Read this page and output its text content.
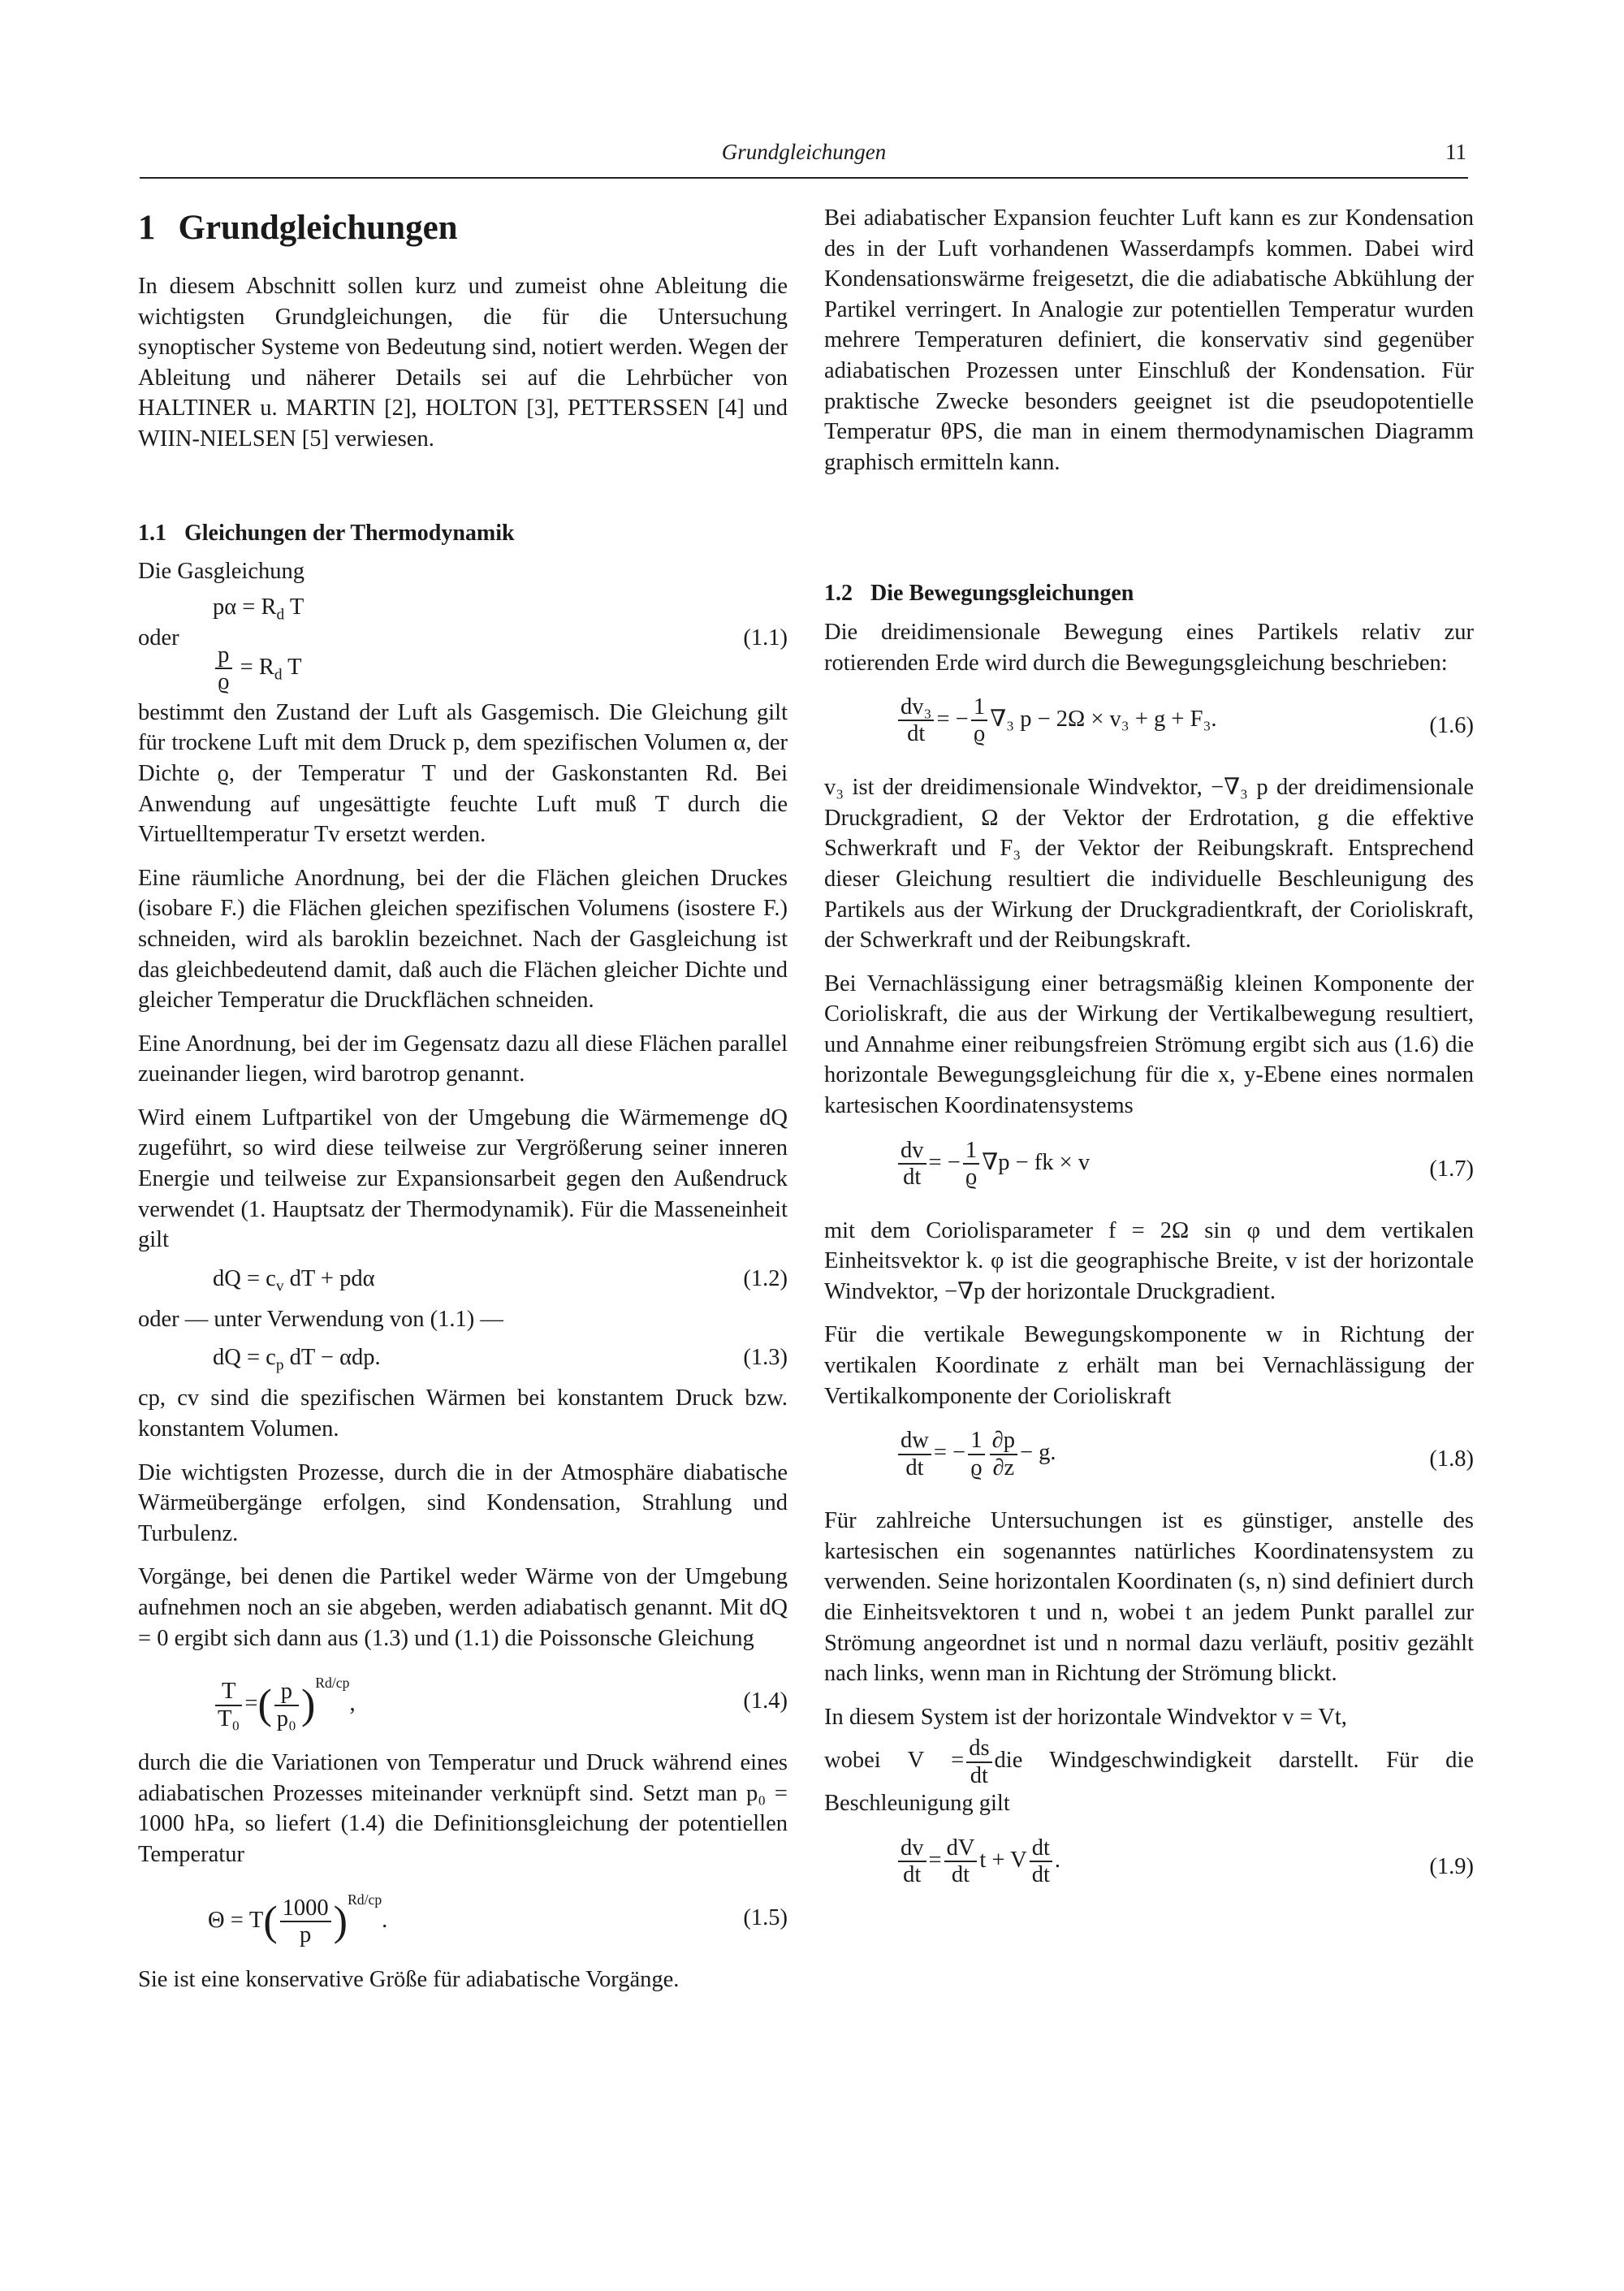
Grundgleichungen	11
1 Grundgleichungen

In diesem Abschnitt sollen kurz und zumeist ohne Ableitung die wichtigsten Grundgleichungen, die für die Untersuchung synoptischer Systeme von Bedeutung sind, notiert werden. Wegen der Ableitung und näherer Details sei auf die Lehrbücher von HALTINER u. MARTIN [2], HOLTON [3], PETTERSSEN [4] und WIIN-NIELSEN [5] verwiesen.

1.1 Gleichungen der Thermodynamik

Die Gasgleichung

$p\alpha = R_d$ T
oder
$\frac{p}{ϱ} = R_d$ T
(1.1)

bestimmt den Zustand der Luft als Gasgemisch. Die Gleichung gilt für trockene Luft mit dem Druck p, dem spezifischen Volumen α, der Dichte ϱ, der Temperatur T und der Gaskonstanten Rd. Bei Anwendung auf ungesättigte feuchte Luft muß T durch die Virtuelltemperatur Tv ersetzt werden.

Eine räumliche Anordnung, bei der die Flächen gleichen Druckes (isobare F.) die Flächen gleichen spezifischen Volumens (isostere F.) schneiden, wird als baroklin bezeichnet. Nach der Gasgleichung ist das gleichbedeutend damit, daß auch die Flächen gleicher Dichte und gleicher Temperatur die Druckflächen schneiden.

Eine Anordnung, bei der im Gegensatz dazu all diese Flächen parallel zueinander liegen, wird barotrop genannt.

Wird einem Luftpartikel von der Umgebung die Wärmemenge dQ zugeführt, so wird diese teilweise zur Vergrößerung seiner inneren Energie und teilweise zur Expansionsarbeit gegen den Außendruck verwendet (1. Hauptsatz der Thermodynamik). Für die Masseneinheit gilt

dQ = $c_v$ dT + pdα	(1.2)

oder — unter Verwendung von (1.1) —

dQ = $c_p$ dT − αdp.	(1.3)

cp, cv sind die spezifischen Wärmen bei konstantem Druck bzw. konstantem Volumen.

Die wichtigsten Prozesse, durch die in der Atmosphäre diabatische Wärmeübergänge erfolgen, sind Kondensation, Strahlung und Turbulenz.

Vorgänge, bei denen die Partikel weder Wärme von der Umgebung aufnehmen noch an sie abgeben, werden adiabatisch genannt. Mit dQ = 0 ergibt sich dann aus (1.3) und (1.1) die Poissonsche Gleichung

$\frac{T}{\text{T₀}}$ =( $\frac{p}{\text{p₀}} )^{Rd/cp}$,	(1.4)

durch die die Variationen von Temperatur und Druck während eines adiabatischen Prozesses miteinander verknüpft sind. Setzt man p₀ = 1000 hPa, so liefert (1.4) die Definitionsgleichung der potentiellen Temperatur

$\Theta = T( \frac{1000}{p} )^{Rd/cp}$.	(1.5)

Sie ist eine konservative Größe für adiabatische Vorgänge.

Bei adiabatischer Expansion feuchter Luft kann es zur Kondensation des in der Luft vorhandenen Wasserdampfs kommen. Dabei wird Kondensationswärme freigesetzt, die die adiabatische Abkühlung der Partikel verringert. In Analogie zur potentiellen Temperatur wurden mehrere Temperaturen definiert, die konservativ sind gegenüber adiabatischen Prozessen unter Einschluß der Kondensation. Für praktische Zwecke besonders geeignet ist die pseudopotentielle Temperatur θPS, die man in einem thermodynamischen Diagramm graphisch ermitteln kann.

1.2 Die Bewegungsgleichungen

Die dreidimensionale Bewegung eines Partikels relativ zur rotierenden Erde wird durch die Bewegungsgleichung beschrieben:

$\frac{\text{dv₃}}{dt}$ = − $\frac{1}{ϱ} \nabla_3$ p − 2Ω × v₃ + g + F₃.	(1.6)

v₃ ist der dreidimensionale Windvektor, −∇₃ p der dreidimensionale Druckgradient, Ω der Vektor der Erdrotation, g die effektive Schwerkraft und F₃ der Vektor der Reibungskraft. Entsprechend dieser Gleichung resultiert die individuelle Beschleunigung des Partikels aus der Wirkung der Druckgradientkraft, der Corioliskraft, der Schwerkraft und der Reibungskraft.

Bei Vernachlässigung einer betragsmäßig kleinen Komponente der Corioliskraft, die aus der Wirkung der Vertikalbewegung resultiert, und Annahme einer reibungsfreien Strömung ergibt sich aus (1.6) die horizontale Bewegungsgleichung für die x, y-Ebene eines normalen kartesischen Koordinatensystems

$\frac{dv}{dt}$ = − $\frac{1}{ϱ} \nabla p$ − fk × v	(1.7)

mit dem Coriolisparameter f = 2Ω sin φ und dem vertikalen Einheitsvektor k. φ ist die geographische Breite, v ist der horizontale Windvektor, −∇p der horizontale Druckgradient.

Für die vertikale Bewegungskomponente w in Richtung der vertikalen Koordinate z erhält man bei Vernachlässigung der Vertikalkomponente der Corioliskraft

$\frac{dw}{dt}$ = − $\frac{1}{ϱ} \frac{\partial p}{\partial z} - g$.	(1.8)

Für zahlreiche Untersuchungen ist es günstiger, anstelle des kartesischen ein sogenanntes natürliches Koordinatensystem zu verwenden. Seine horizontalen Koordinaten (s, n) sind definiert durch die Einheitsvektoren t und n, wobei t an jedem Punkt parallel zur Strömung angeordnet ist und n normal dazu verläuft, positiv gezählt nach links, wenn man in Richtung der Strömung blickt.

In diesem System ist der horizontale Windvektor v = Vt,

wobei $V = \frac{ds}{dt}$ die Windgeschwindigkeit darstellt. Für die Beschleunigung gilt

$\frac{dv}{dt} = \frac{dV}{dt}$ t + V $\frac{dt}{dt}$ .	(1.9)
